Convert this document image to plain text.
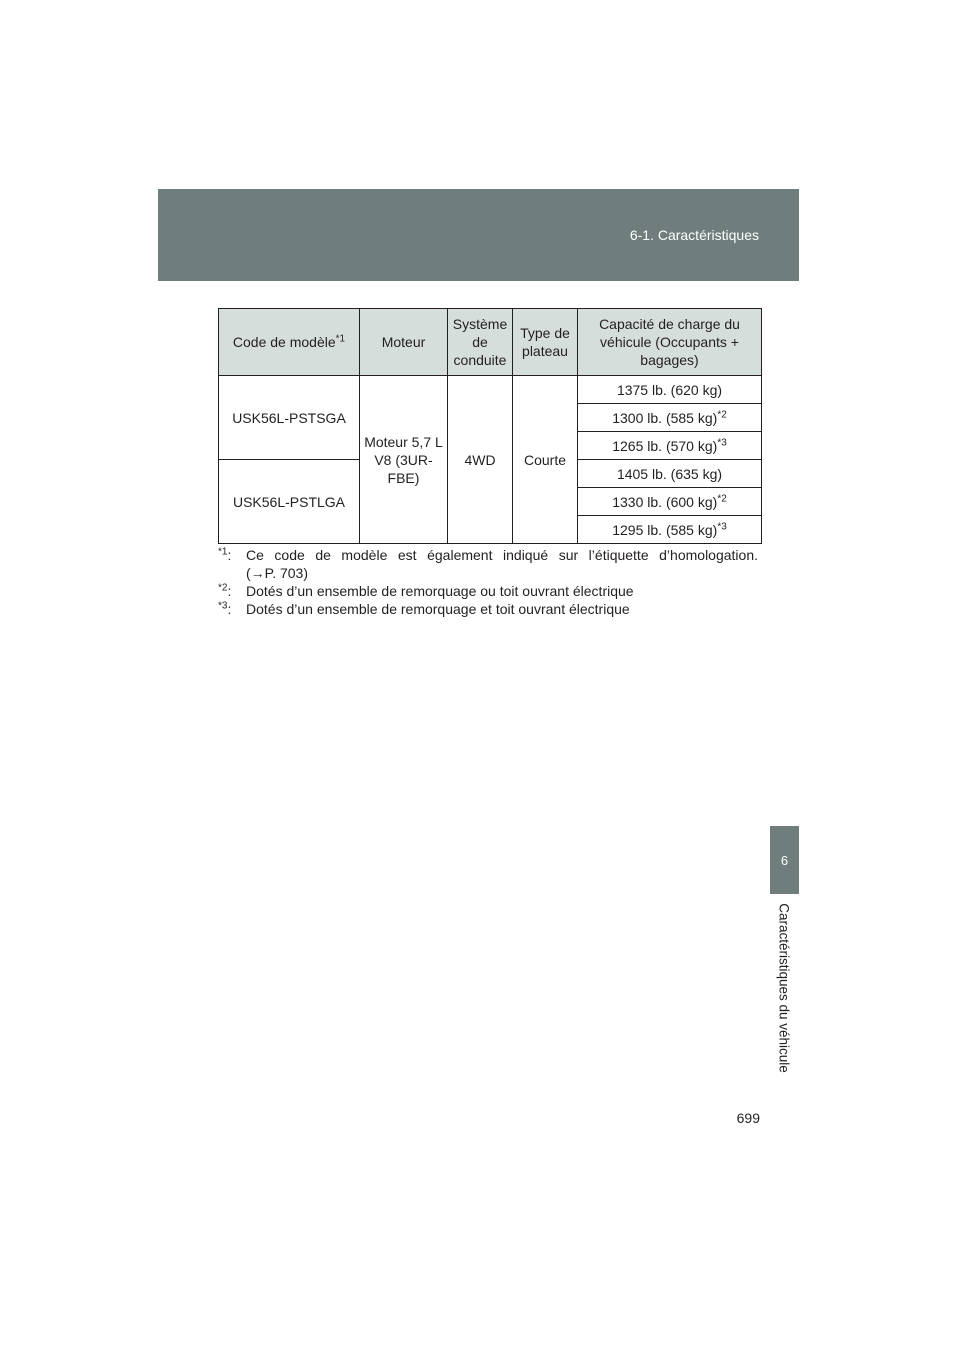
6-1. Caractéristiques
6
Caractéristiques du véhicule
Code de modèle$^{*1}$	Moteur	Système de conduite	Type de plateau	Capacité de charge du véhicule (Occupants + bagages)
USK56L-PSTSGA	Moteur 5,7 L V8 (3UR-FBE)	4WD	Courte	1375 lb. (620 kg)
				1300 lb. (585 kg)$^{*2}$
				1265 lb. (570 kg)$^{*3}$
USK56L-PSTLGA				1405 lb. (635 kg)
				1330 lb. (600 kg)$^{*2}$
				1295 lb. (585 kg)$^{*3}$
$^{*1}$:	Ce code de modèle est également indiqué sur l’étiquette d’homologation.
(→P. 703)
$^{*2}$:	Dotés d’un ensemble de remorquage ou toit ouvrant électrique
$^{*3}$:	Dotés d’un ensemble de remorquage et toit ouvrant électrique
699
